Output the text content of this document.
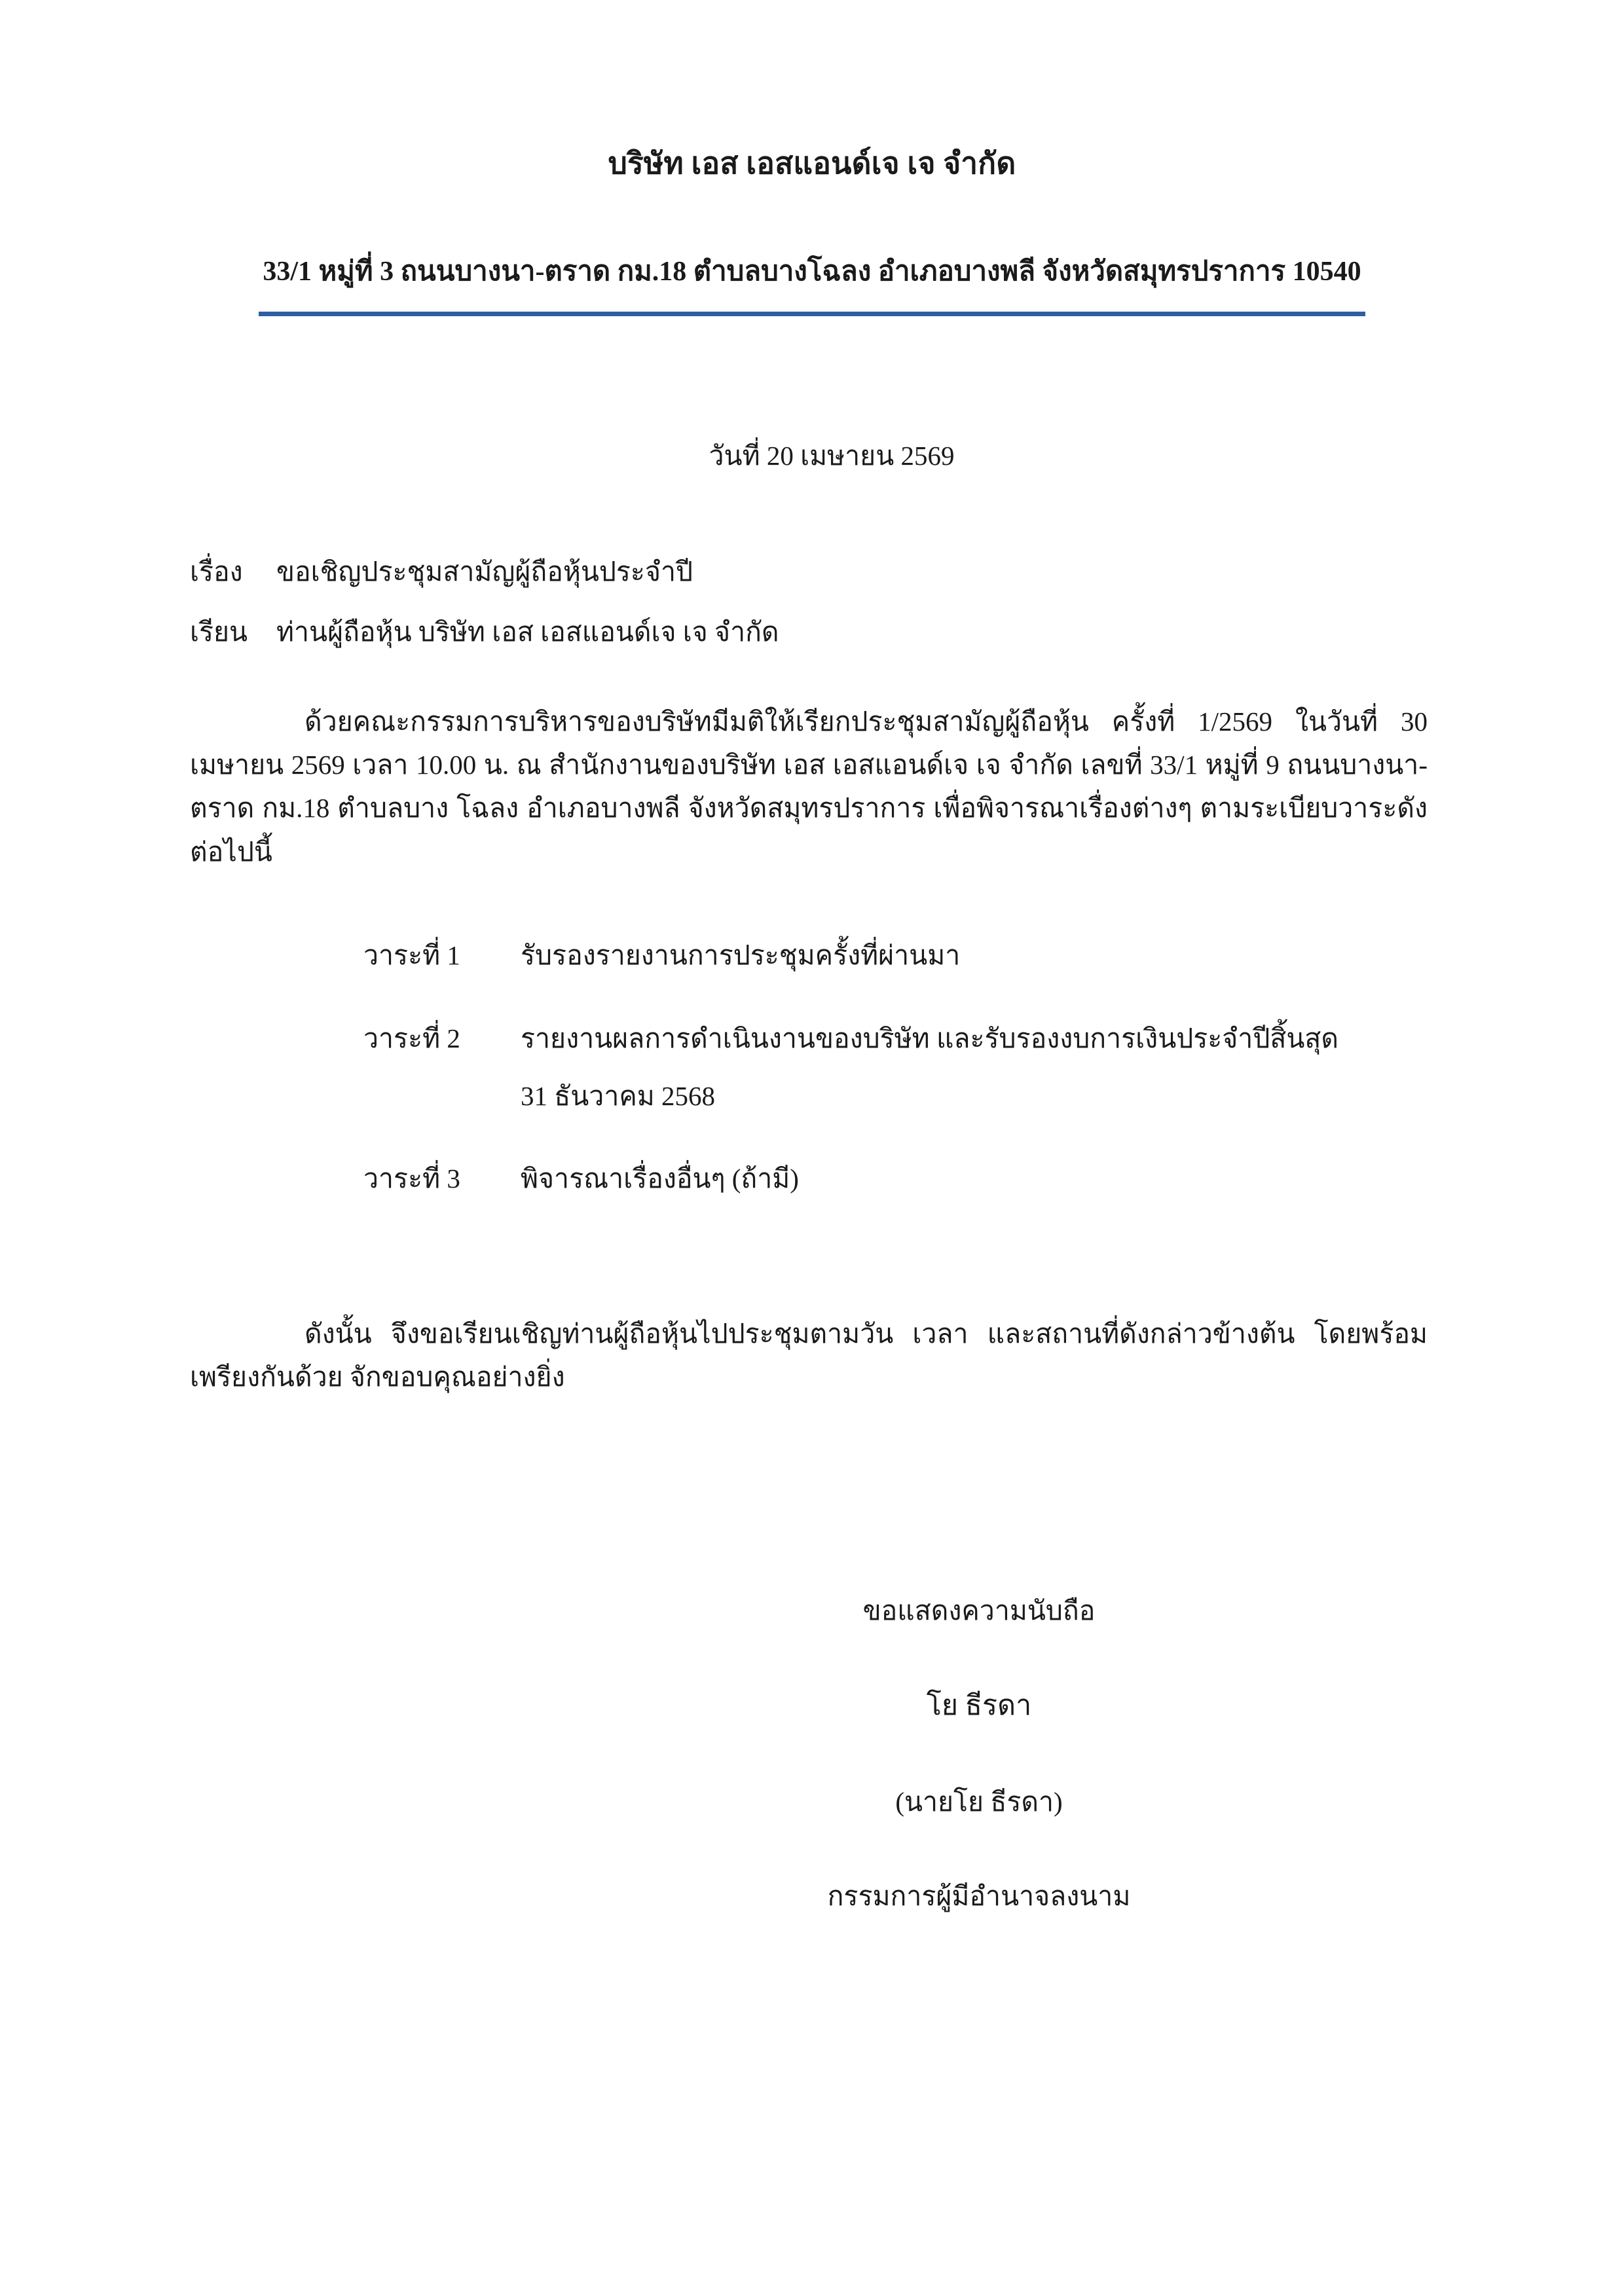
บริษัท เอส เอสแอนด์เจ เจ จำกัด
33/1 หมู่ที่ 3 ถนนบางนา-ตราด กม.18 ตำบลบางโฉลง อำเภอบางพลี จังหวัดสมุทรปราการ 10540
วันที่ 20 เมษายน 2569
เรื่อง	ขอเชิญประชุมสามัญผู้ถือหุ้นประจำปี
เรียน	ท่านผู้ถือหุ้น บริษัท เอส เอสแอนด์เจ เจ จำกัด
ด้วยคณะกรรมการบริหารของบริษัทมีมติให้เรียกประชุมสามัญผู้ถือหุ้น ครั้งที่ 1/2569 ในวันที่ 30 เมษายน 2569 เวลา 10.00 น. ณ สำนักงานของบริษัท เอส เอสแอนด์เจ เจ จำกัด เลขที่ 33/1 หมู่ที่ 9 ถนนบางนา-ตราด กม.18 ตำบลบาง โฉลง อำเภอบางพลี จังหวัดสมุทรปราการ เพื่อพิจารณาเรื่องต่างๆ ตามระเบียบวาระดังต่อไปนี้
วาระที่ 1	รับรองรายงานการประชุมครั้งที่ผ่านมา
วาระที่ 2	รายงานผลการดำเนินงานของบริษัท และรับรองงบการเงินประจำปีสิ้นสุด
31 ธันวาคม 2568
วาระที่ 3	พิจารณาเรื่องอื่นๆ (ถ้ามี)
ดังนั้น จึงขอเรียนเชิญท่านผู้ถือหุ้นไปประชุมตามวัน เวลา และสถานที่ดังกล่าวข้างต้น โดยพร้อมเพรียงกันด้วย จักขอบคุณอย่างยิ่ง
ขอแสดงความนับถือ
โย ธีรดา
(นายโย ธีรดา)
กรรมการผู้มีอำนาจลงนาม
